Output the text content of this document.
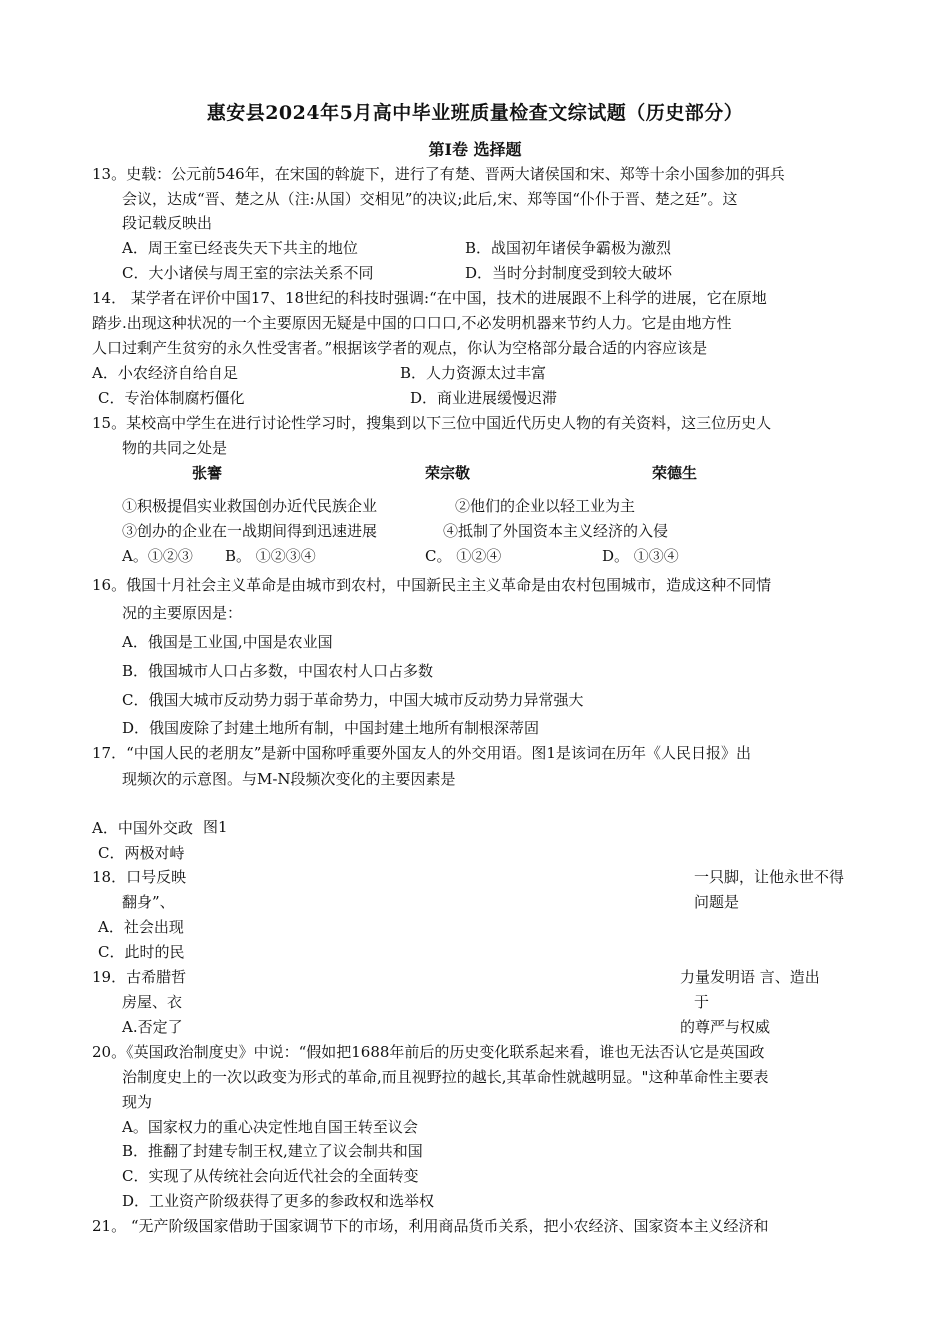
惠安县2024年5月高中毕业班质量检查文综试题（历史部分）
第Ⅰ卷 选择题
13。史载：公元前546年，在宋国的斡旋下，进行了有楚、晋两大诸侯国和宋、郑等十余小国参加的弭兵
会议，达成“晋、楚之从（注:从国）交相见”的决议;此后,宋、郑等国“仆仆于晋、楚之廷”。这
段记载反映出
A．周王室已经丧失天下共主的地位	B．战国初年诸侯争霸极为激烈
C．大小诸侯与周王室的宗法关系不同	D．当时分封制度受到较大破坏
14． 某学者在评价中国17、18世纪的科技时强调:“在中国，技术的进展跟不上科学的进展，它在原地
踏步.出现这种状况的一个主要原因无疑是中国的口口口,不必发明机器来节约人力。它是由地方性
人口过剩产生贫穷的永久性受害者。”根据该学者的观点，你认为空格部分最合适的内容应该是
A．小农经济自给自足	B．人力资源太过丰富
C．专治体制腐朽僵化	D．商业进展缓慢迟滞
15。某校高中学生在进行讨论性学习时，搜集到以下三位中国近代历史人物的有关资料，这三位历史人
物的共同之处是
张謇	荣宗敬	荣德生
①积极提倡实业救国创办近代民族企业	②他们的企业以轻工业为主
③创办的企业在一战期间得到迅速进展	④抵制了外国资本主义经济的入侵
A。①②③ B。 ①②③④	C。 ①②④	D。 ①③④
16。俄国十月社会主义革命是由城市到农村，中国新民主主义革命是由农村包围城市，造成这种不同情
况的主要原因是：
A．俄国是工业国,中国是农业国
B．俄国城市人口占多数，中国农村人口占多数
C．俄国大城市反动势力弱于革命势力，中国大城市反动势力异常强大
D．俄国废除了封建土地所有制，中国封建土地所有制根深蒂固
17．“中国人民的老朋友”是新中国称呼重要外国友人的外交用语。图1是该词在历年《人民日报》出
现频次的示意图。与M-N段频次变化的主要因素是
A．中国外交政 图1
C．两极对峙
18．口号反映	一只脚，让他永世不得
翻身”、	问题是
A．社会出现
C．此时的民
19．古希腊哲	力量发明语 言、造出
房屋、衣	于
A.否定了	的尊严与权威
20。《英国政治制度史》中说：“假如把1688年前后的历史变化联系起来看，谁也无法否认它是英国政
治制度史上的一次以政变为形式的革命,而且视野拉的越长,其革命性就越明显。"这种革命性主要表
现为
A。国家权力的重心决定性地自国王转至议会
B．推翻了封建专制王权,建立了议会制共和国
C．实现了从传统社会向近代社会的全面转变
D．工业资产阶级获得了更多的参政权和选举权
21。 “无产阶级国家借助于国家调节下的市场，利用商品货币关系，把小农经济、国家资本主义经济和
